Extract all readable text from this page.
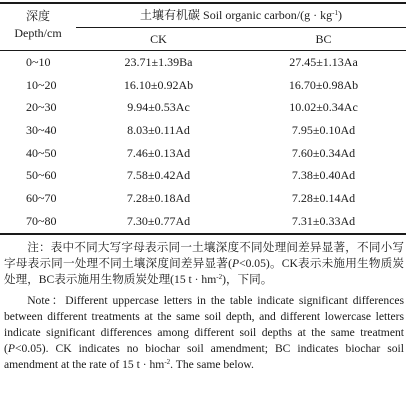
深度
Depth/cm
土壤有机碳 Soil organic carbon/(g · $kg^{-1}$)
CK	BC
0~10	23.71±1.39Ba	27.45±1.13Aa
10~20	16.10±0.92Ab	16.70±0.98Ab
20~30	9.94±0.53Ac	10.02±0.34Ac
30~40	8.03±0.11Ad	7.95±0.10Ad
40~50	7.46±0.13Ad	7.60±0.34Ad
50~60	7.58±0.42Ad	7.38±0.40Ad
60~70	7.28±0.18Ad	7.28±0.14Ad
70~80	7.30±0.77Ad	7.31±0.33Ad
注：表中不同大写字母表示同一土壤深度不同处理间差异显著，不同小写字母表示同一处理不同土壤深度间差异显著(P<0.05)。CK表示未施用生物质炭处理，BC表示施用生物质炭处理(15 $t \cdot hm^{-2}$)，下同。
Note：Different uppercase letters in the table indicate significant differences between different treatments at the same soil depth, and different lowercase letters indicate significant differences among different soil depths at the same treatment (P<0.05). CK indicates no biochar soil amendment; BC indicates biochar soil amendment at the rate of 15 $t \cdot hm^{-2}$. The same below.
